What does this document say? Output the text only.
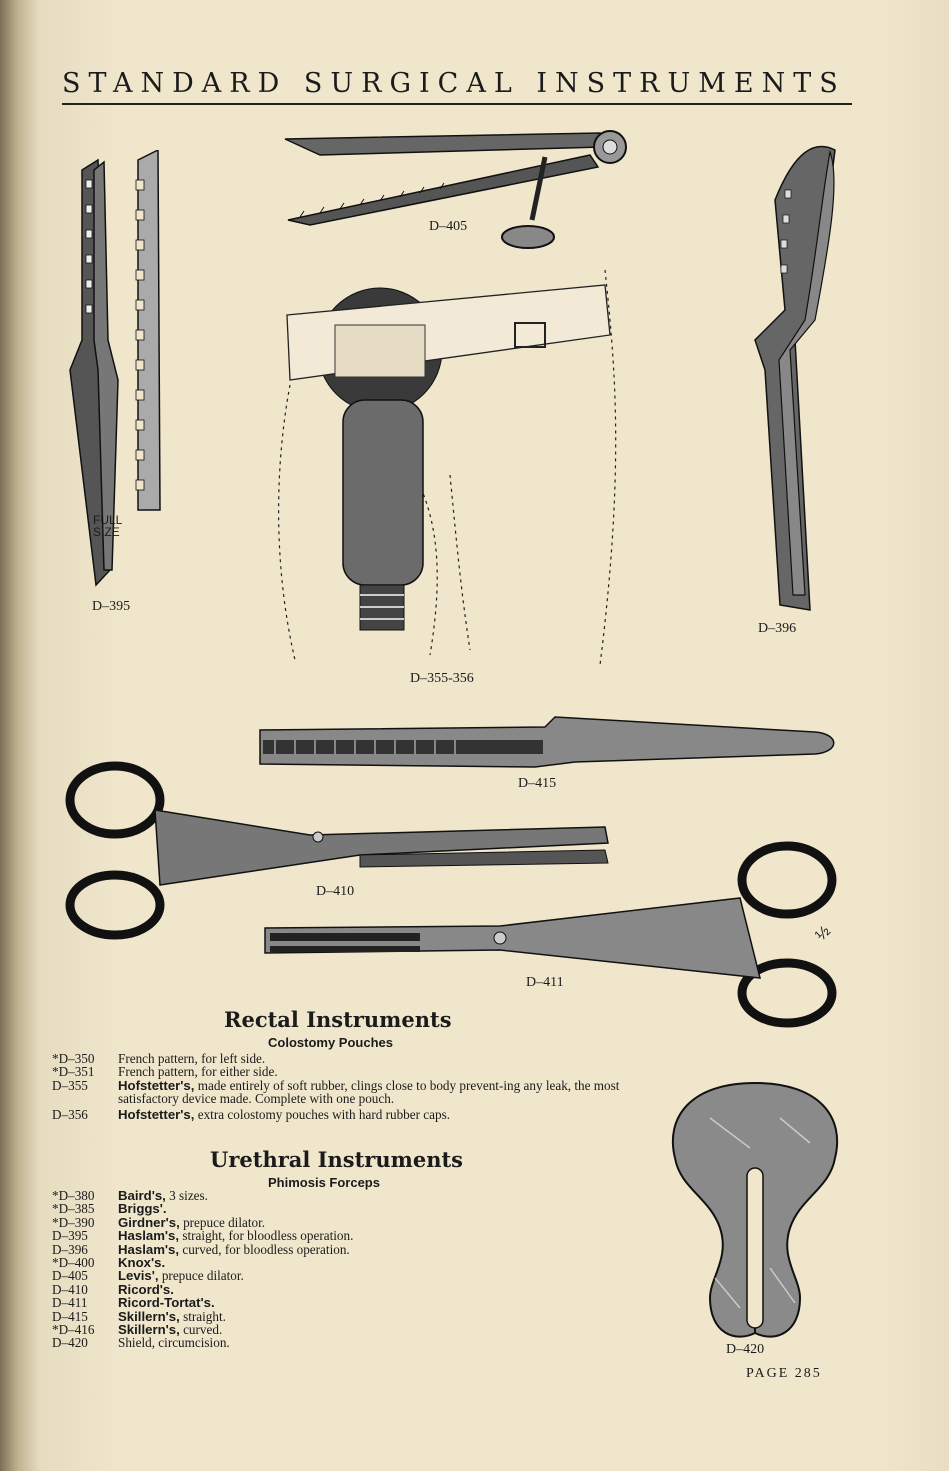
STANDARD SURGICAL INSTRUMENTS
D–405
FULL
SIZE
D–395
D–355-356
D–396
D–415
D–410
½
D–411
D–420
Rectal Instruments
Colostomy Pouches
*D–350	French pattern, for left side.
*D–351	French pattern, for either side.
D–355	Hofstetter's, made entirely of soft rubber, clings close to body prevent-ing any leak, the most satisfactory device made. Complete with one pouch.
D–356	Hofstetter's, extra colostomy pouches with hard rubber caps.
Urethral Instruments
Phimosis Forceps
*D–380	Baird's, 3 sizes.
*D–385	Briggs'.
*D–390	Girdner's, prepuce dilator.
D–395	Haslam's, straight, for bloodless operation.
D–396	Haslam's, curved, for bloodless operation.
*D–400	Knox's.
D–405	Levis', prepuce dilator.
D–410	Ricord's.
D–411	Ricord-Tortat's.
D–415	Skillern's, straight.
*D–416	Skillern's, curved.
D–420	Shield, circumcision.
PAGE 285
